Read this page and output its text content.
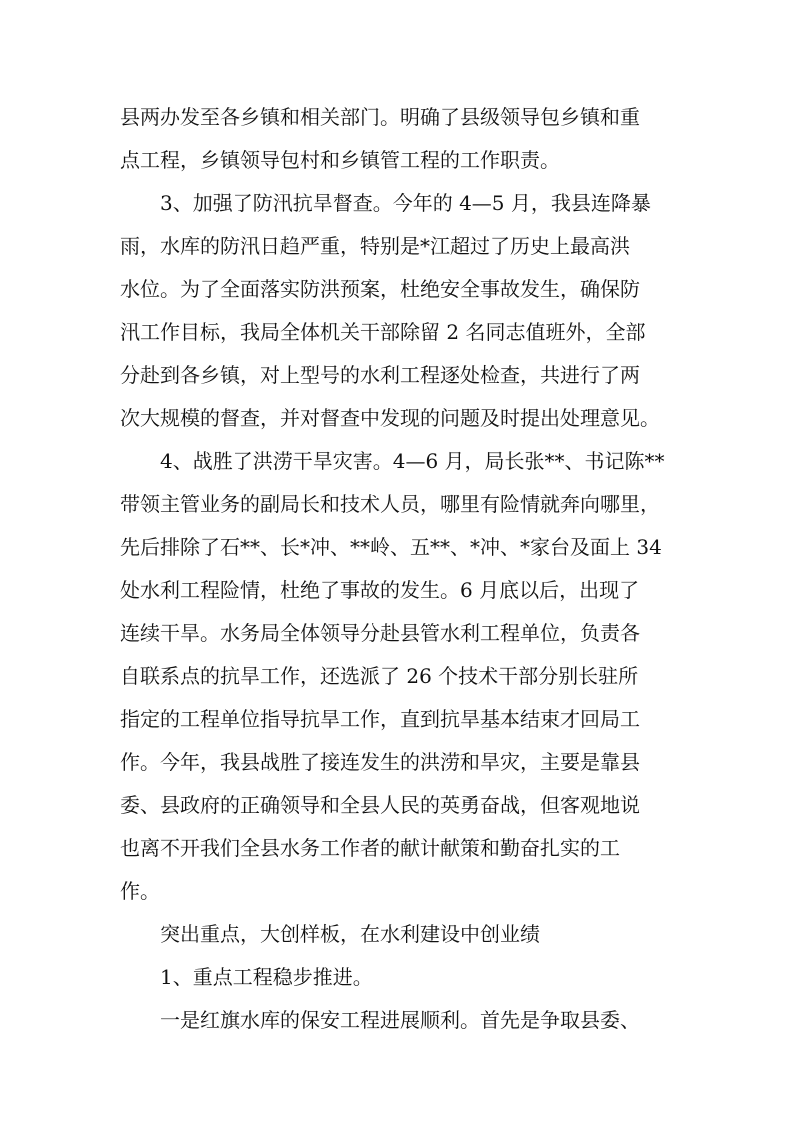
县两办发至各乡镇和相关部门。明确了县级领导包乡镇和重
点工程，乡镇领导包村和乡镇管工程的工作职责。
3、加强了防汛抗旱督查。今年的 4—5 月，我县连降暴
雨，水库的防汛日趋严重，特别是*江超过了历史上最高洪
水位。为了全面落实防洪预案，杜绝安全事故发生，确保防
汛工作目标，我局全体机关干部除留 2 名同志值班外，全部
分赴到各乡镇，对上型号的水利工程逐处检查，共进行了两
次大规模的督查，并对督查中发现的问题及时提出处理意见。
4、战胜了洪涝干旱灾害。4—6 月，局长张**、书记陈**
带领主管业务的副局长和技术人员，哪里有险情就奔向哪里，
先后排除了石**、长*冲、**岭、五**、*冲、*家台及面上 34
处水利工程险情，杜绝了事故的发生。6 月底以后，出现了
连续干旱。水务局全体领导分赴县管水利工程单位，负责各
自联系点的抗旱工作，还选派了 26 个技术干部分别长驻所
指定的工程单位指导抗旱工作，直到抗旱基本结束才回局工
作。今年，我县战胜了接连发生的洪涝和旱灾，主要是靠县
委、县政府的正确领导和全县人民的英勇奋战，但客观地说
也离不开我们全县水务工作者的献计献策和勤奋扎实的工
作。
突出重点，大创样板，在水利建设中创业绩
1、重点工程稳步推进。
一是红旗水库的保安工程进展顺利。首先是争取县委、
